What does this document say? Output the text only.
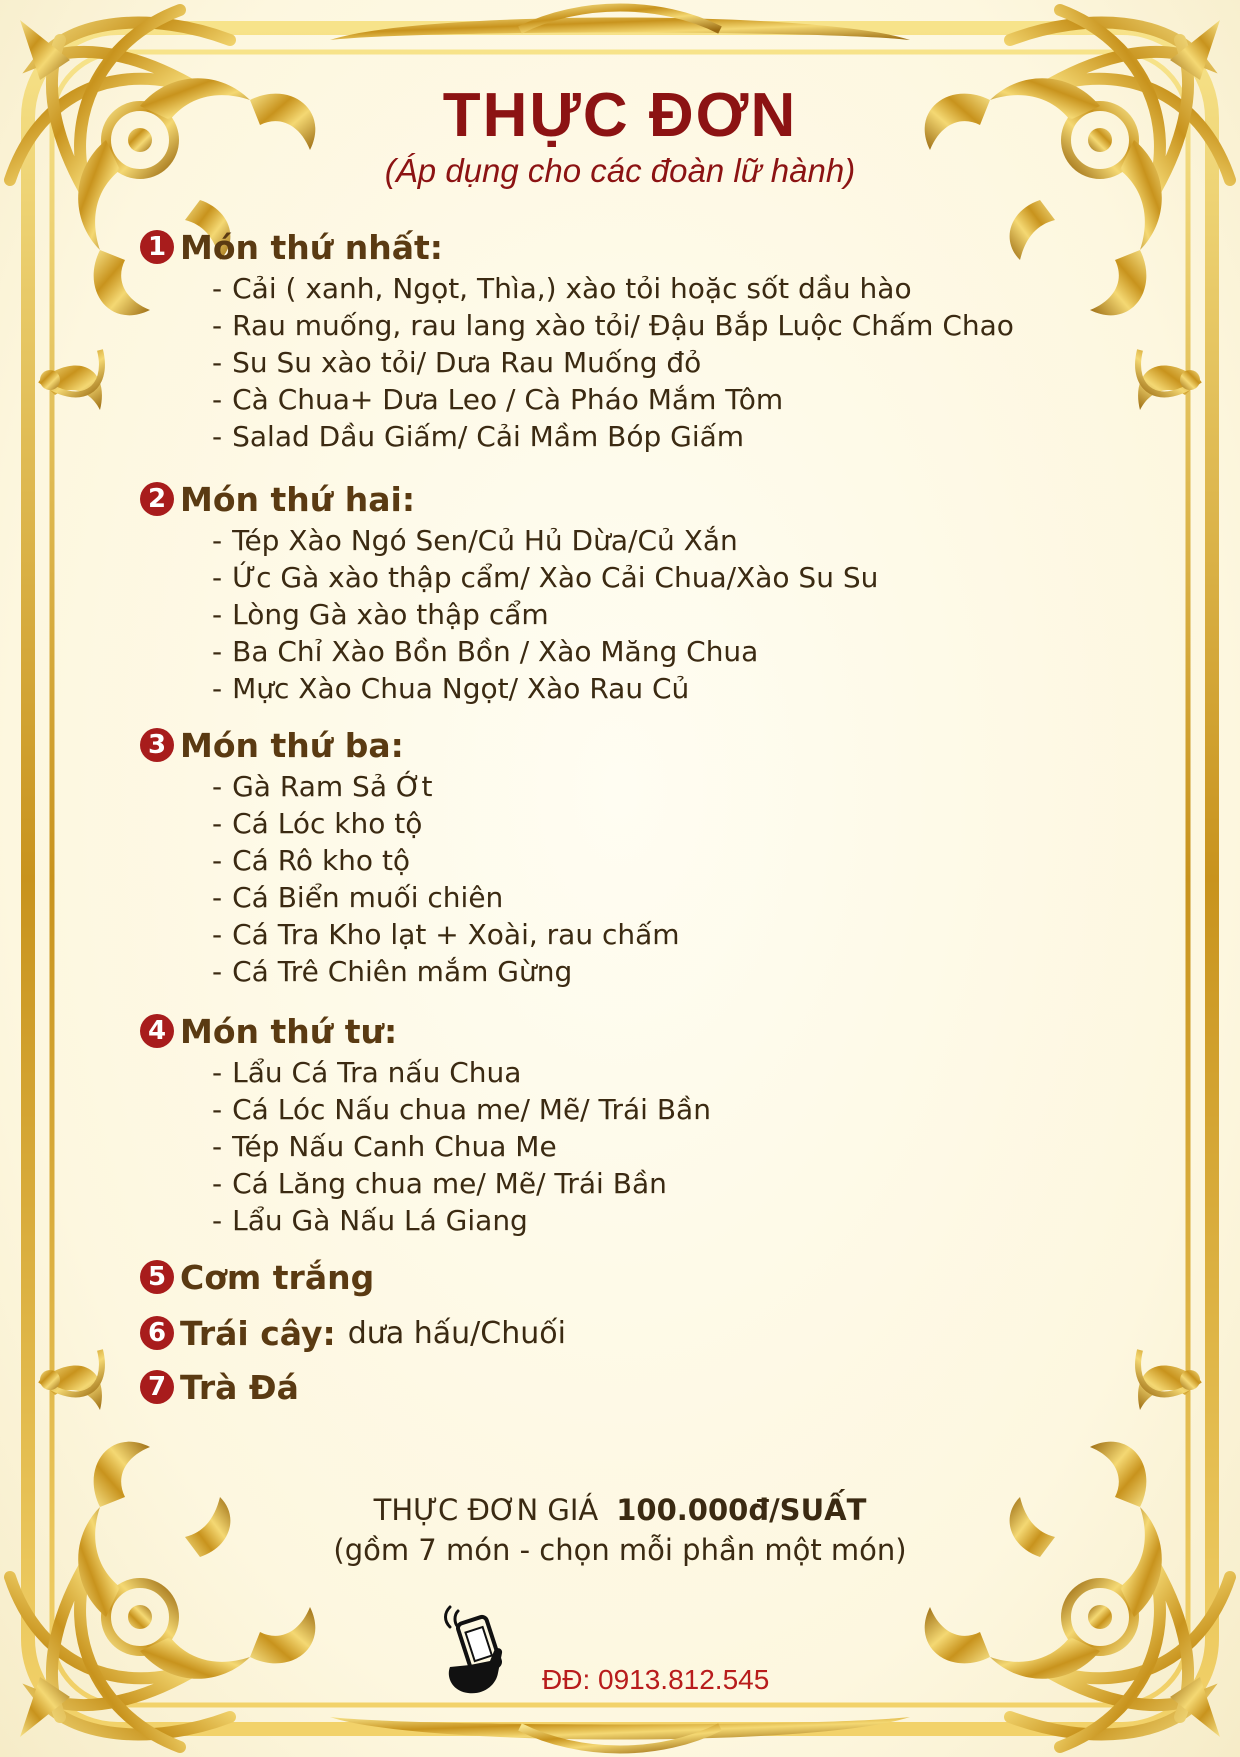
THỰC ĐƠN
(Áp dụng cho các đoàn lữ hành)
1 Món thứ nhất:
- Cải ( xanh, Ngọt, Thìa,) xào tỏi hoặc sốt dầu hào
- Rau muống, rau lang xào tỏi/ Đậu Bắp Luộc Chấm Chao
- Su Su xào tỏi/ Dưa Rau Muống đỏ
- Cà Chua+ Dưa Leo / Cà Pháo Mắm Tôm
- Salad Dầu Giấm/ Cải Mầm Bóp Giấm
2 Món thứ hai:
- Tép Xào Ngó Sen/Củ Hủ Dừa/Củ Xắn
- Ức Gà xào thập cẩm/ Xào Cải Chua/Xào Su Su
- Lòng Gà xào thập cẩm
- Ba Chỉ Xào Bồn Bồn / Xào Măng Chua
- Mực Xào Chua Ngọt/ Xào Rau Củ
3 Món thứ ba:
- Gà Ram Sả Ớt
- Cá Lóc kho tộ
- Cá Rô kho tộ
- Cá Biển muối chiên
- Cá Tra Kho lạt + Xoài, rau chấm
- Cá Trê Chiên mắm Gừng
4 Món thứ tư:
- Lẩu Cá Tra nấu Chua
- Cá Lóc Nấu chua me/ Mẽ/ Trái Bần
- Tép Nấu Canh Chua Me
- Cá Lăng chua me/ Mẽ/ Trái Bần
- Lẩu Gà Nấu Lá Giang
5 Cơm trắng
6 Trái cây: dưa hấu/Chuối
7 Trà Đá
THỰC ĐƠN GIÁ 100.000đ/SUẤT
(gồm 7 món - chọn mỗi phần một món)
ĐĐ: 0913.812.545
